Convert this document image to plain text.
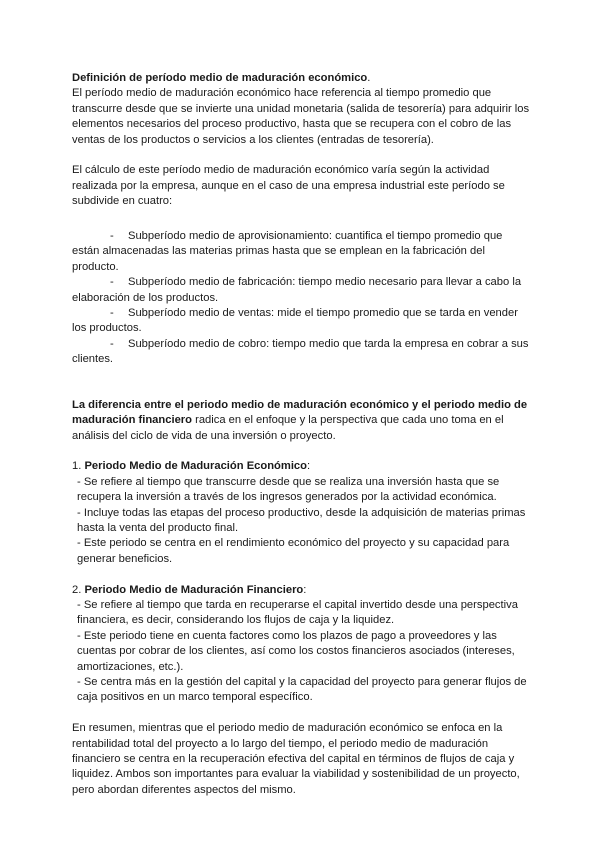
Definición de período medio de maduración económico.

El período medio de maduración económico hace referencia al tiempo promedio que transcurre desde que se invierte una unidad monetaria (salida de tesorería) para adquirir los elementos necesarios del proceso productivo, hasta que se recupera con el cobro de las ventas de los productos o servicios a los clientes (entradas de tesorería).

El cálculo de este período medio de maduración económico varía según la actividad realizada por la empresa, aunque en el caso de una empresa industrial este período se subdivide en cuatro:

- Subperíodo medio de aprovisionamiento: cuantifica el tiempo promedio que están almacenadas las materias primas hasta que se emplean en la fabricación del producto.

- Subperíodo medio de fabricación: tiempo medio necesario para llevar a cabo la elaboración de los productos.

- Subperíodo medio de ventas: mide el tiempo promedio que se tarda en vender los productos.

- Subperíodo medio de cobro: tiempo medio que tarda la empresa en cobrar a sus clientes.

La diferencia entre el periodo medio de maduración económico y el periodo medio de maduración financiero radica en el enfoque y la perspectiva que cada uno toma en el análisis del ciclo de vida de una inversión o proyecto.

1. Periodo Medio de Maduración Económico:

- Se refiere al tiempo que transcurre desde que se realiza una inversión hasta que se recupera la inversión a través de los ingresos generados por la actividad económica.

- Incluye todas las etapas del proceso productivo, desde la adquisición de materias primas hasta la venta del producto final.

- Este periodo se centra en el rendimiento económico del proyecto y su capacidad para generar beneficios.

2. Periodo Medio de Maduración Financiero:

- Se refiere al tiempo que tarda en recuperarse el capital invertido desde una perspectiva financiera, es decir, considerando los flujos de caja y la liquidez.

- Este periodo tiene en cuenta factores como los plazos de pago a proveedores y las cuentas por cobrar de los clientes, así como los costos financieros asociados (intereses, amortizaciones, etc.).

- Se centra más en la gestión del capital y la capacidad del proyecto para generar flujos de caja positivos en un marco temporal específico.

En resumen, mientras que el periodo medio de maduración económico se enfoca en la rentabilidad total del proyecto a lo largo del tiempo, el periodo medio de maduración financiero se centra en la recuperación efectiva del capital en términos de flujos de caja y liquidez. Ambos son importantes para evaluar la viabilidad y sostenibilidad de un proyecto, pero abordan diferentes aspectos del mismo.
